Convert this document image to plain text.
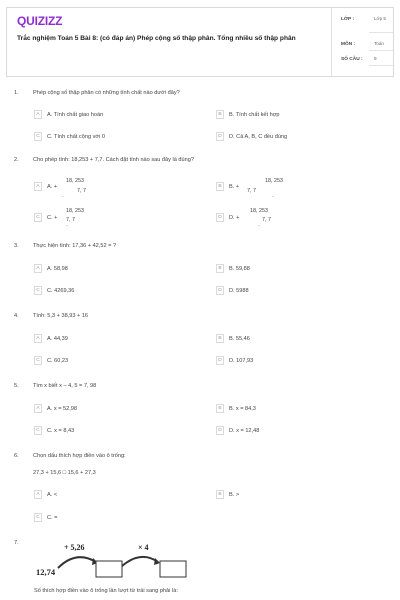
QUIZIZZ
Trắc nghiệm Toán 5 Bài 8: (có đáp án) Phép cộng số thập phân. Tổng nhiều số thập phân
LỚP :	Lớp 5
MÔN :	Toán
SỐ CÂU : 9
1.	Phép cộng số thập phân có những tính chất nào dưới đây?
A	A. Tính chất giao hoán	B	B. Tính chất kết hợp
C	C. Tính chất cộng với 0	D	D. Cả A, B, C đều đúng
2.	Cho phép tính: 18,253 + 7,7. Cách đặt tính nào sau đây là đúng?
A	A. +
18, 253
7, 7
-
B	B. +
18, 253
7, 7
-
C	C. +
18, 253
7, 7
-
D	D. +
18, 253
7, 7
-
3.	Thực hiện tính: 17,36 + 42,52 = ?
A	A. 58,98	B	B. 59,88
C	C. 4269,36	D	D. 5988
4.	Tính: 5,3 + 38,93 + 16
A	A. 44,39	B	B. 55,46
C	C. 60,23	D	D. 107,93
5.	Tìm x biết x – 4, 5 = 7, 98
A	A. x = 52,98	B	B. x = 84,3
C	C. x = 8,43	D	D. x = 12,48
6.	Chọn dấu thích hợp điền vào ô trống:
27,3 + 15,6 □ 15,6 + 27,3
A	A. <	B	B. >
C	C. =
7.	+ 5,26	× 4
12,74
Số thích hợp điền vào ô trống lần lượt từ trái sang phải là:
